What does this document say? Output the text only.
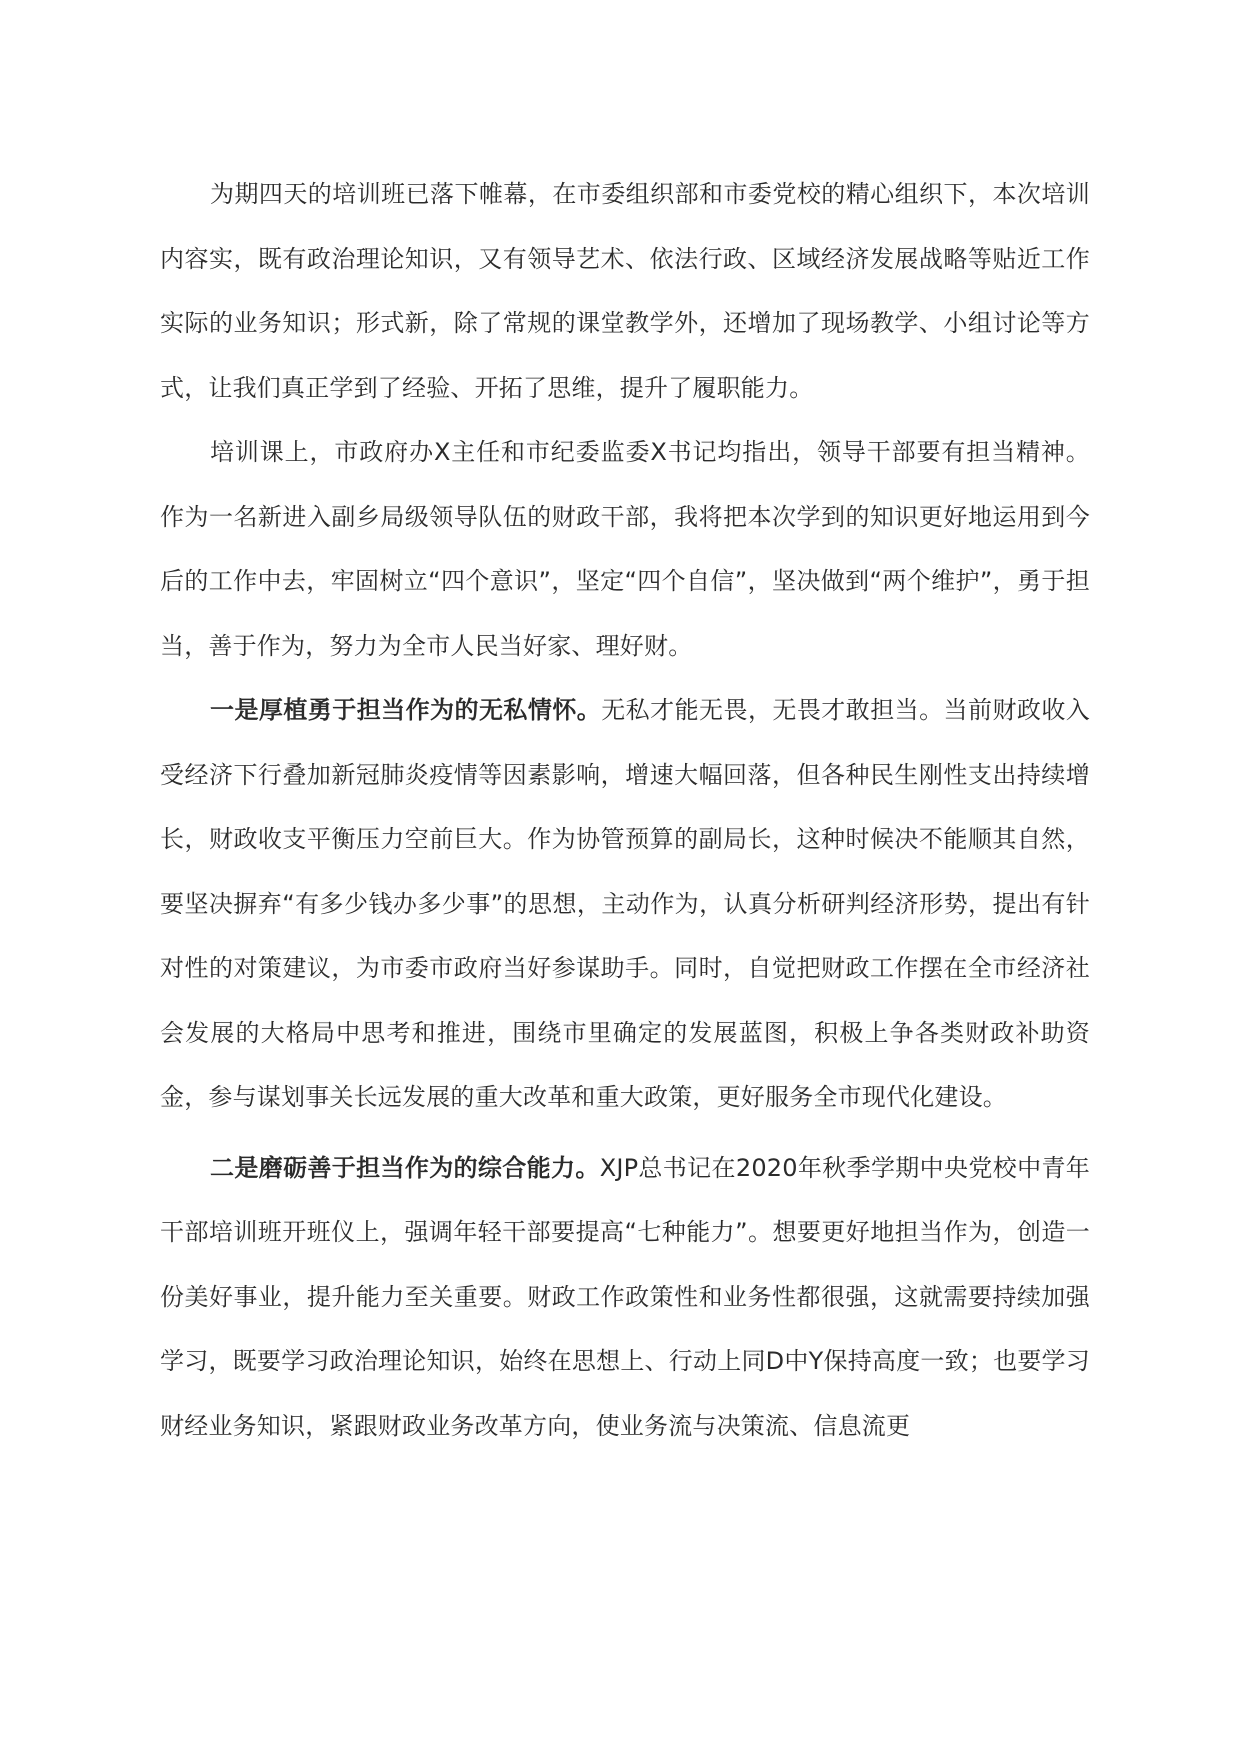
为期四天的培训班已落下帷幕，在市委组织部和市委党校的精心组织下，本次培训内容实，既有政治理论知识，又有领导艺术、依法行政、区域经济发展战略等贴近工作实际的业务知识；形式新，除了常规的课堂教学外，还增加了现场教学、小组讨论等方式，让我们真正学到了经验、开拓了思维，提升了履职能力。

培训课上，市政府办X主任和市纪委监委X书记均指出，领导干部要有担当精神。作为一名新进入副乡局级领导队伍的财政干部，我将把本次学到的知识更好地运用到今后的工作中去，牢固树立“四个意识”，坚定“四个自信”，坚决做到“两个维护”，勇于担当，善于作为，努力为全市人民当好家、理好财。

一是厚植勇于担当作为的无私情怀。无私才能无畏，无畏才敢担当。当前财政收入受经济下行叠加新冠肺炎疫情等因素影响，增速大幅回落，但各种民生刚性支出持续增长，财政收支平衡压力空前巨大。作为协管预算的副局长，这种时候决不能顺其自然，要坚决摒弃“有多少钱办多少事”的思想，主动作为，认真分析研判经济形势，提出有针对性的对策建议，为市委市政府当好参谋助手。同时，自觉把财政工作摆在全市经济社会发展的大格局中思考和推进，围绕市里确定的发展蓝图，积极上争各类财政补助资金，参与谋划事关长远发展的重大改革和重大政策，更好服务全市现代化建设。

二是磨砺善于担当作为的综合能力。XJP总书记在2020年秋季学期中央党校中青年干部培训班开班仪上，强调年轻干部要提高“七种能力”。想要更好地担当作为，创造一份美好事业，提升能力至关重要。财政工作政策性和业务性都很强，这就需要持续加强学习，既要学习政治理论知识，始终在思想上、行动上同D中Y保持高度一致；也要学习财经业务知识，紧跟财政业务改革方向，使业务流与决策流、信息流更
